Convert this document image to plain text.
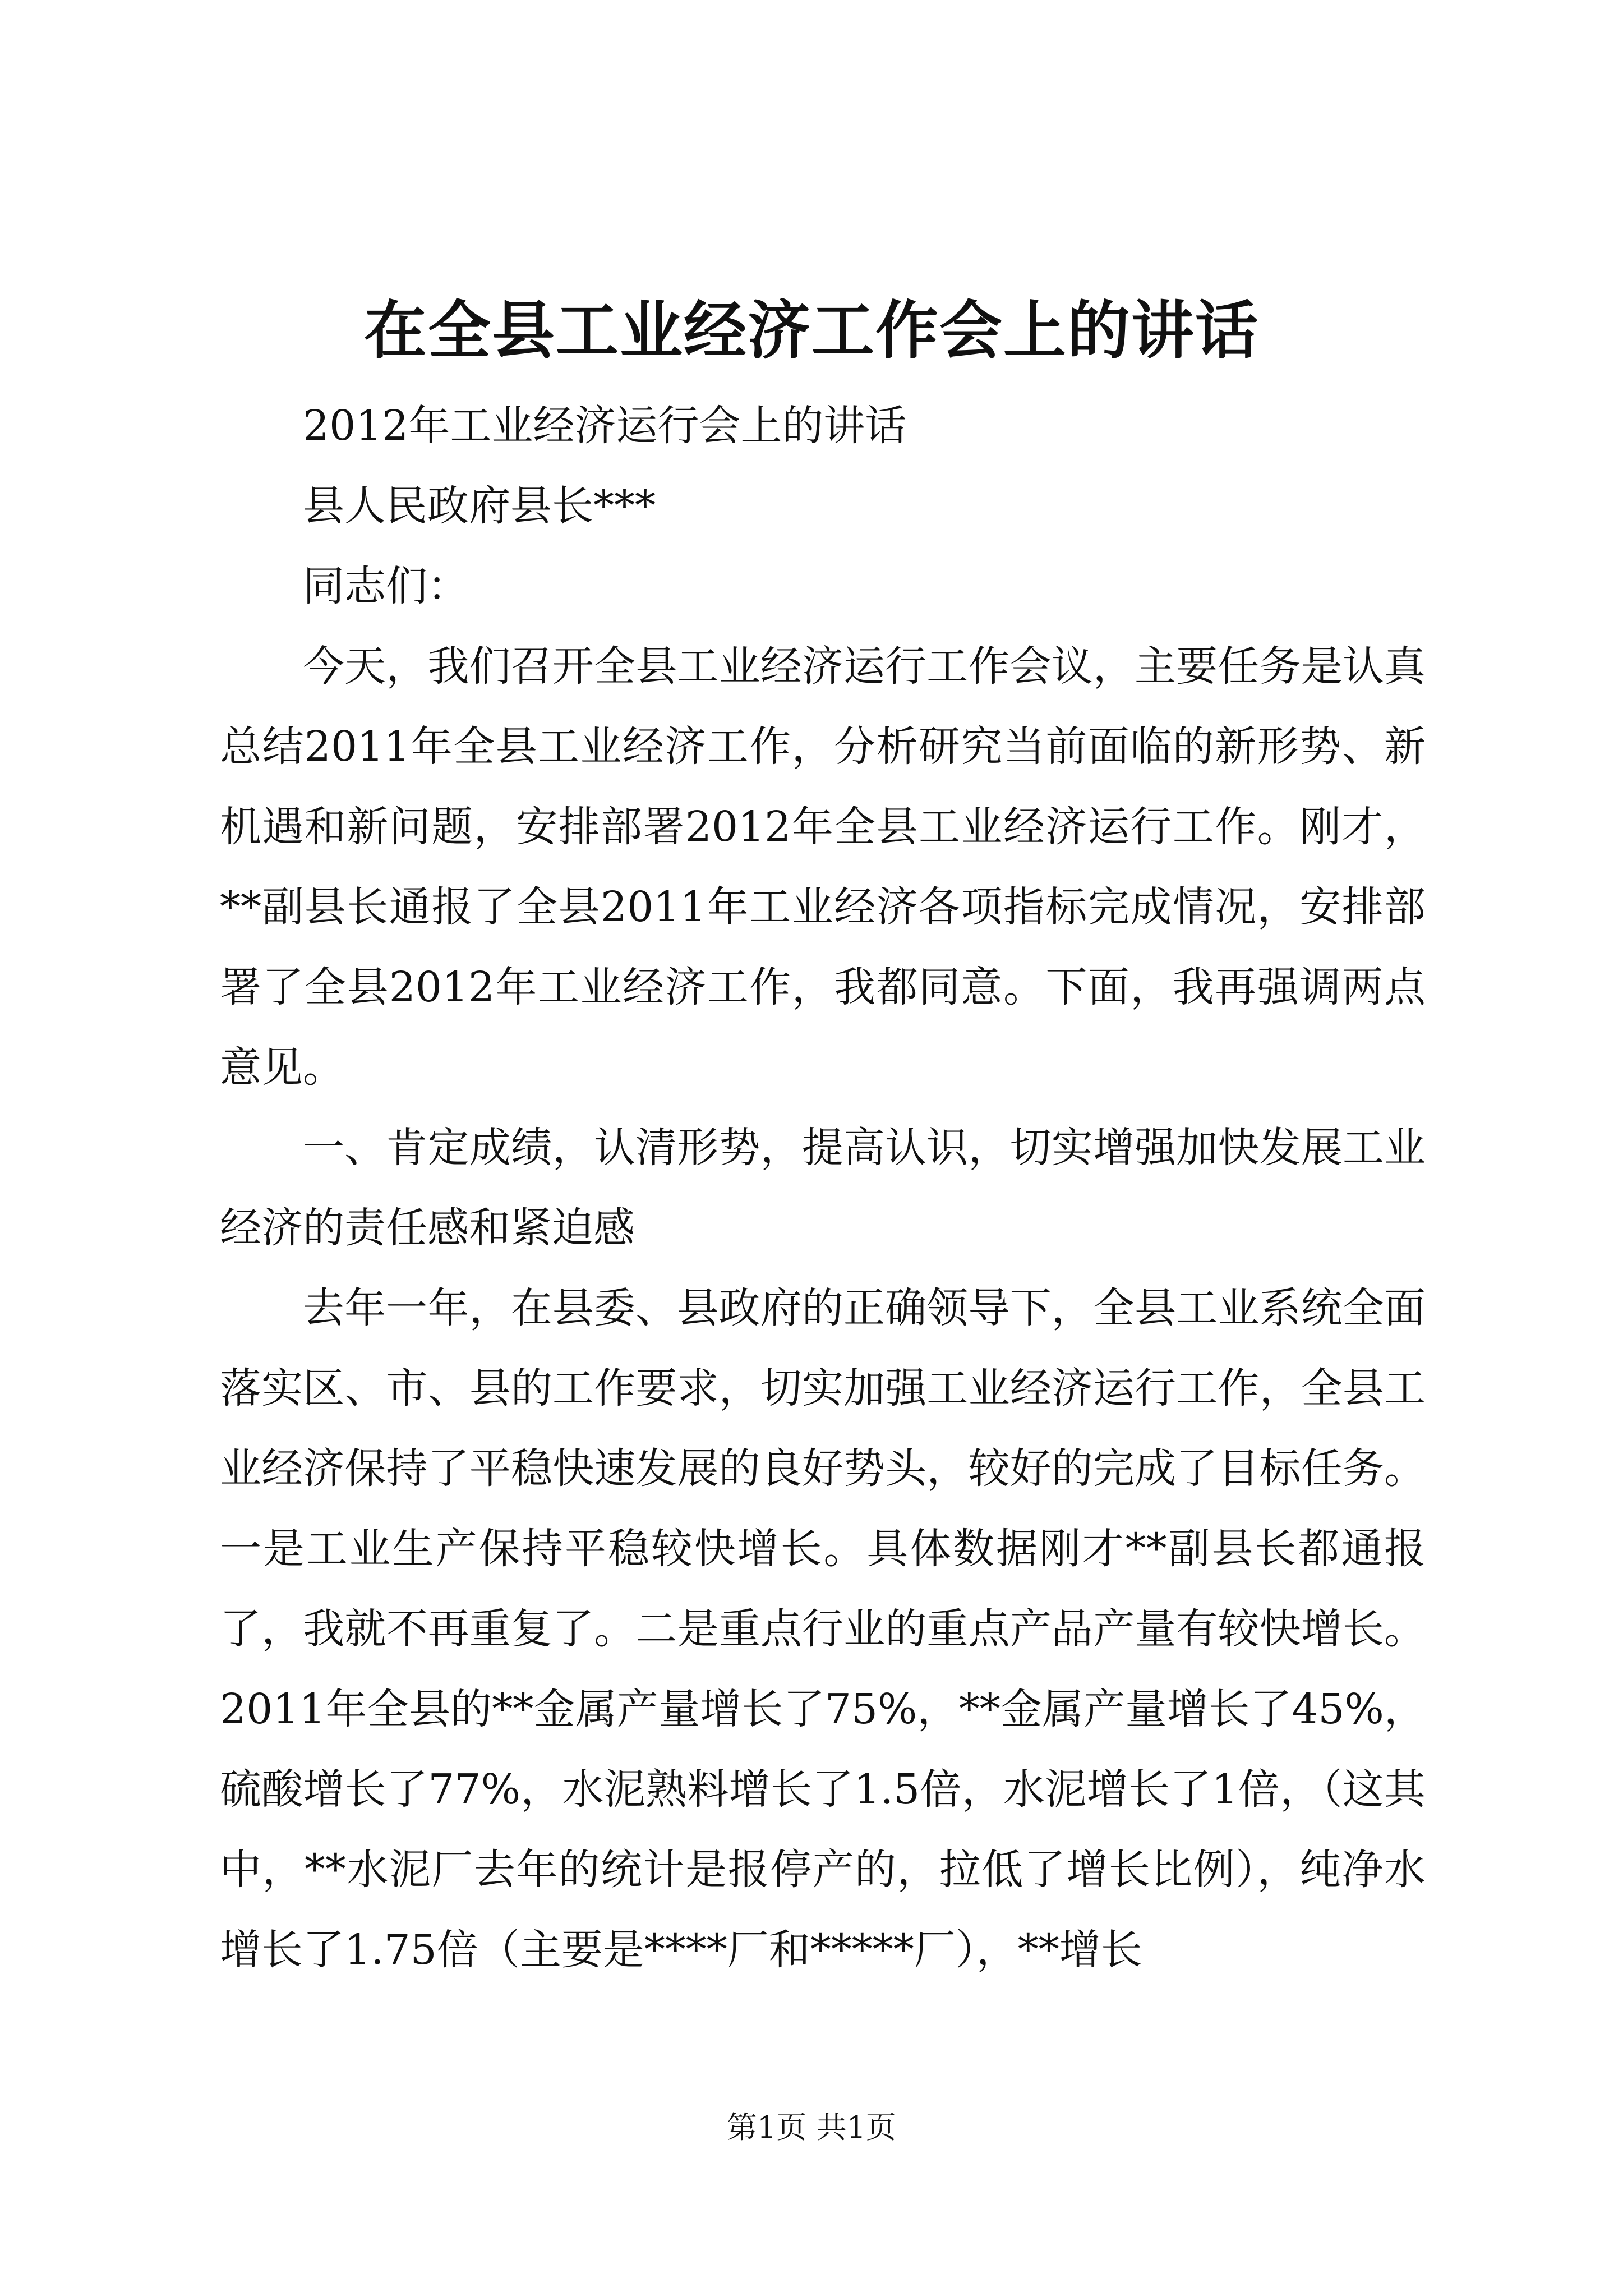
在全县工业经济工作会上的讲话

2012年工业经济运行会上的讲话

县人民政府县长***

同志们：

今天，我们召开全县工业经济运行工作会议，主要任务是认真总结2011年全县工业经济工作，分析研究当前面临的新形势、新机遇和新问题，安排部署2012年全县工业经济运行工作。刚才，**副县长通报了全县2011年工业经济各项指标完成情况，安排部署了全县2012年工业经济工作，我都同意。下面，我再强调两点意见。

一、肯定成绩，认清形势，提高认识，切实增强加快发展工业经济的责任感和紧迫感

去年一年，在县委、县政府的正确领导下，全县工业系统全面落实区、市、县的工作要求，切实加强工业经济运行工作，全县工业经济保持了平稳快速发展的良好势头，较好的完成了目标任务。一是工业生产保持平稳较快增长。具体数据刚才**副县长都通报了，我就不再重复了。二是重点行业的重点产品产量有较快增长。2011年全县的**金属产量增长了75%，**金属产量增长了45%，硫酸增长了77%，水泥熟料增长了1.5倍，水泥增长了1倍，（这其中，**水泥厂去年的统计是报停产的，拉低了增长比例），纯净水增长了1.75倍（主要是****厂和*****厂），**增长

第1页 共1页
